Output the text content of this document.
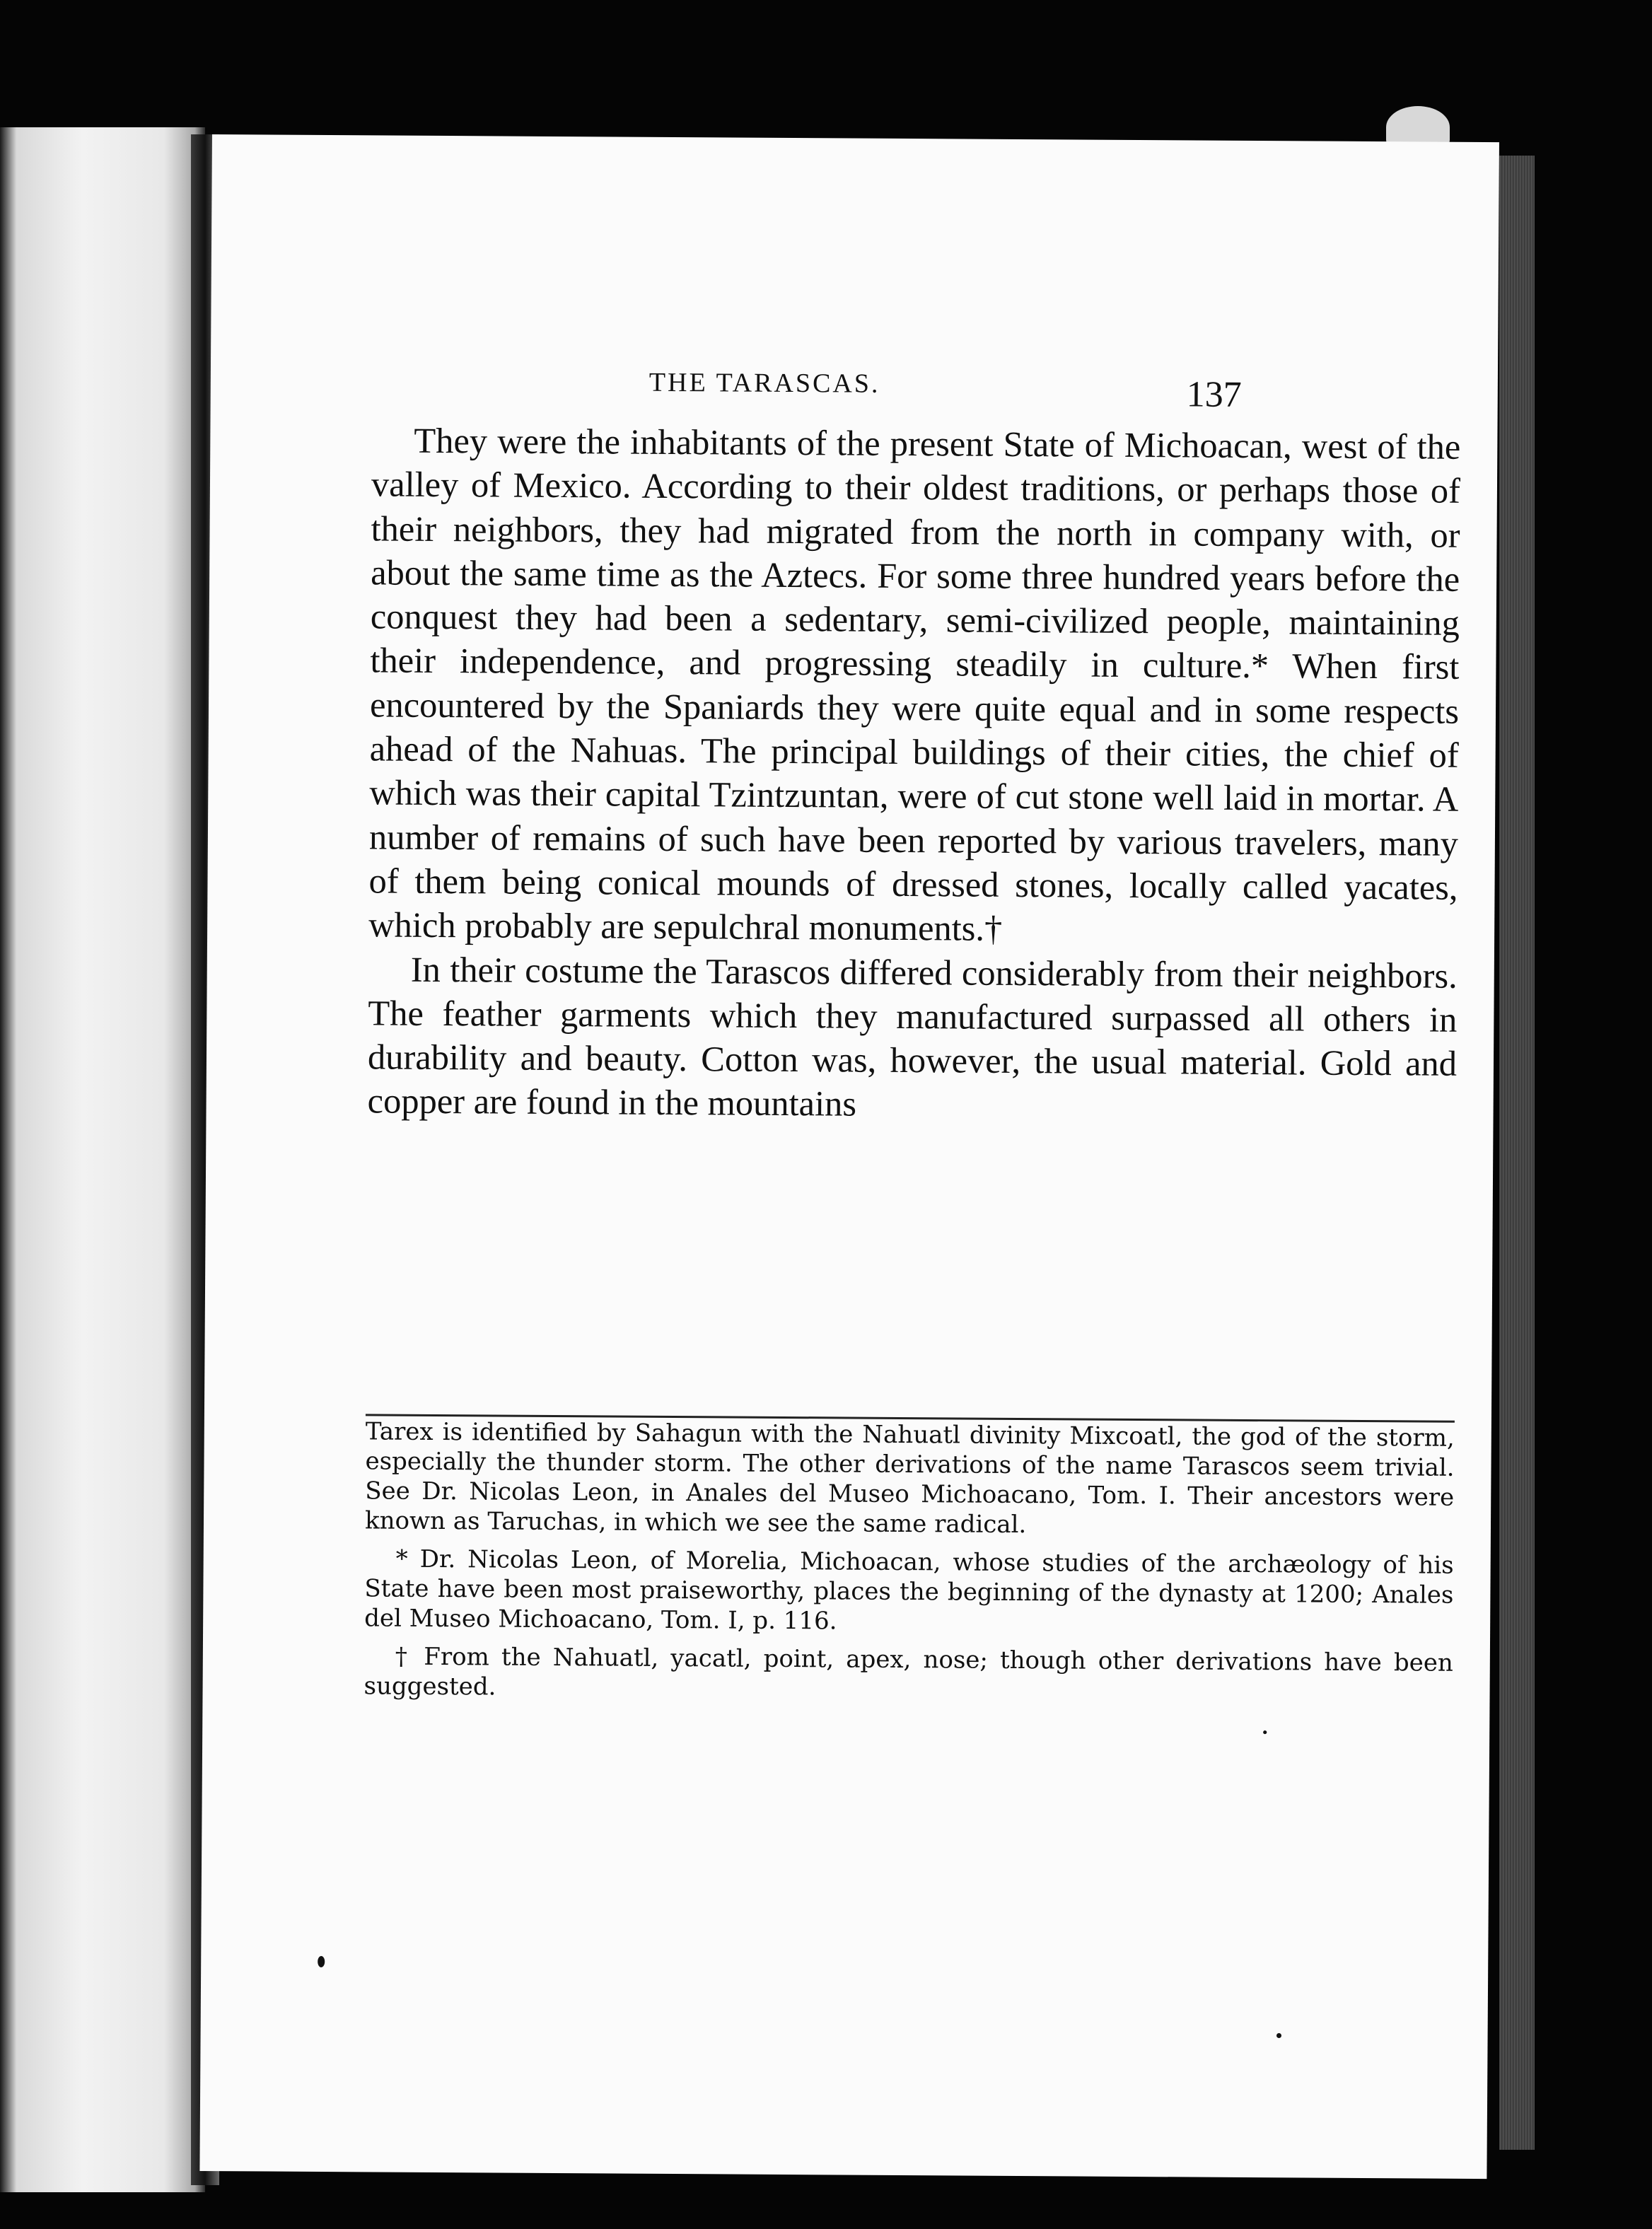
THE TARASCAS.	137

They were the inhabitants of the present State of Michoacan, west of the valley of Mexico. According to their oldest traditions, or perhaps those of their neighbors, they had migrated from the north in company with, or about the same time as the Aztecs. For some three hundred years before the conquest they had been a sedentary, semi-civilized people, maintaining their independence, and progressing steadily in culture.* When first encountered by the Spaniards they were quite equal and in some respects ahead of the Nahuas. The principal buildings of their cities, the chief of which was their capital Tzintzuntan, were of cut stone well laid in mortar. A number of remains of such have been reported by various travelers, many of them being conical mounds of dressed stones, locally called yacates, which probably are sepulchral monuments.†

In their costume the Tarascos differed considerably from their neighbors. The feather garments which they manufactured surpassed all others in durability and beauty. Cotton was, however, the usual material. Gold and copper are found in the mountains

Tarex is identified by Sahagun with the Nahuatl divinity Mixcoatl, the god of the storm, especially the thunder storm. The other derivations of the name Tarascos seem trivial. See Dr. Nicolas Leon, in Anales del Museo Michoacano, Tom. I. Their ancestors were known as Taruchas, in which we see the same radical.

* Dr. Nicolas Leon, of Morelia, Michoacan, whose studies of the archæology of his State have been most praiseworthy, places the beginning of the dynasty at 1200; Anales del Museo Michoacano, Tom. I, p. 116.

† From the Nahuatl, yacatl, point, apex, nose; though other derivations have been suggested.
